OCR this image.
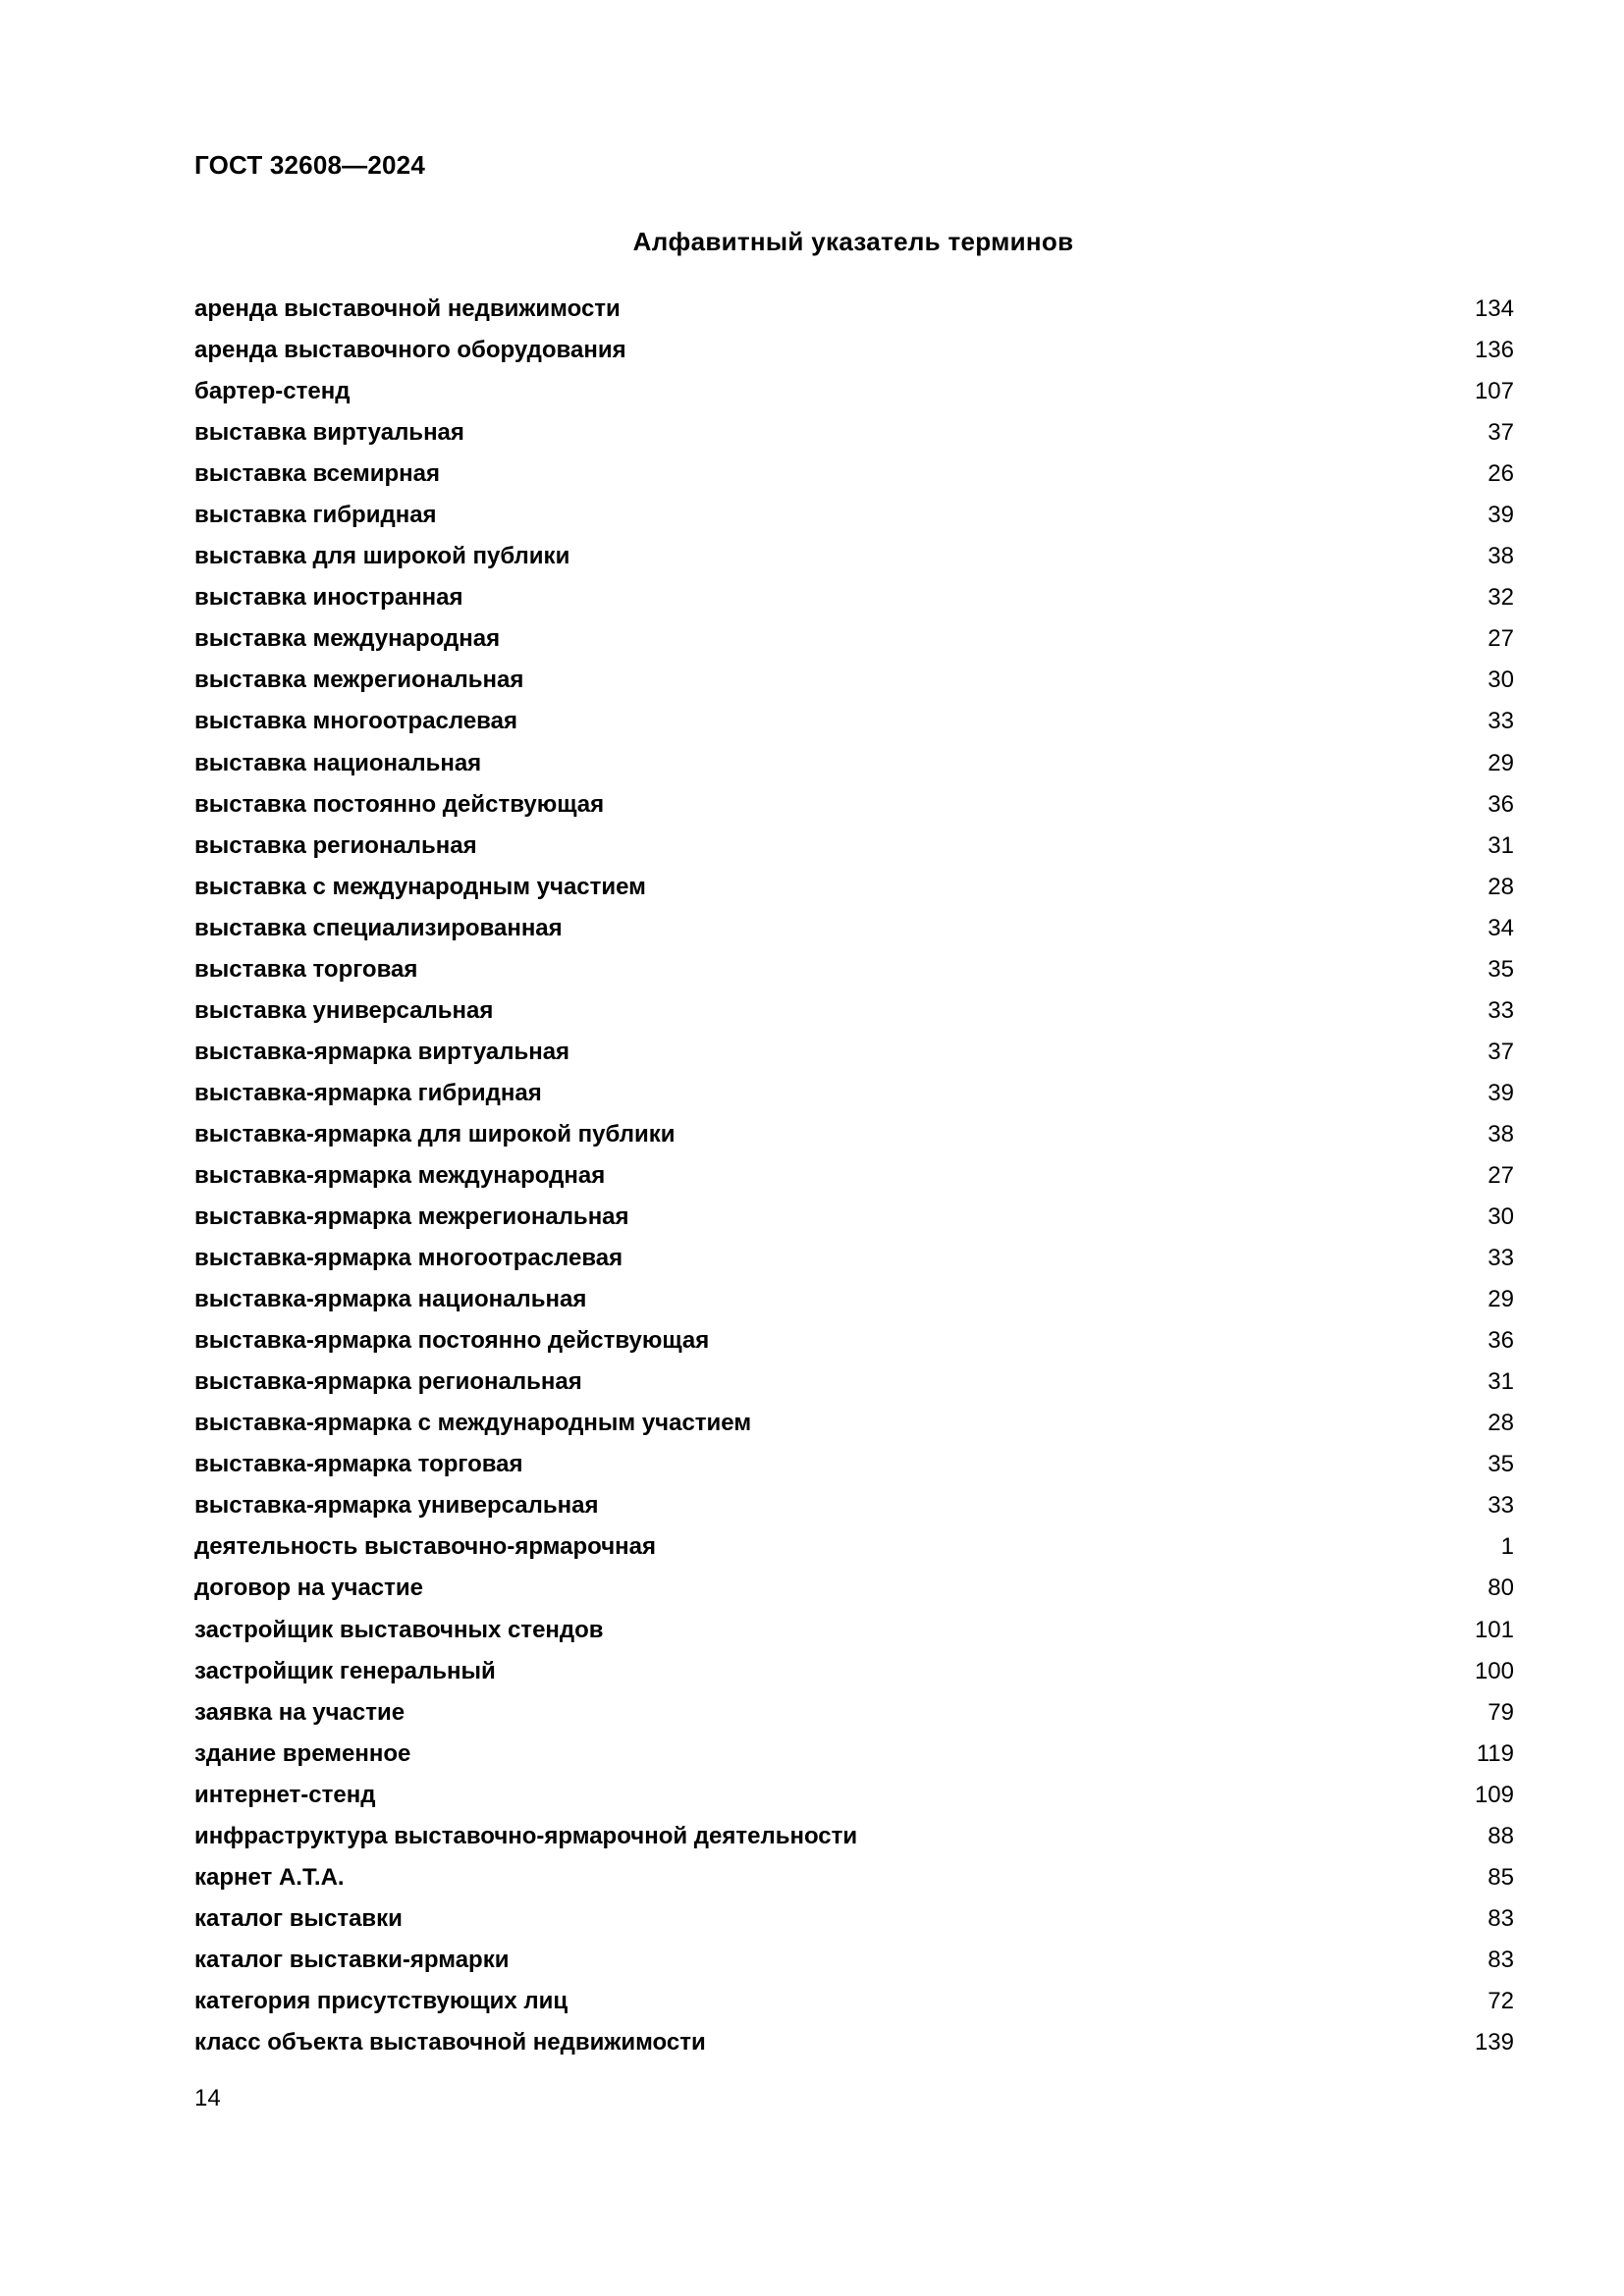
ГОСТ 32608—2024
Алфавитный указатель терминов
аренда выставочной недвижимости	134
аренда выставочного оборудования	136
бартер-стенд	107
выставка виртуальная	37
выставка всемирная	26
выставка гибридная	39
выставка для широкой публики	38
выставка иностранная	32
выставка международная	27
выставка межрегиональная	30
выставка многоотраслевая	33
выставка национальная	29
выставка постоянно действующая	36
выставка региональная	31
выставка с международным участием	28
выставка специализированная	34
выставка торговая	35
выставка универсальная	33
выставка-ярмарка виртуальная	37
выставка-ярмарка гибридная	39
выставка-ярмарка для широкой публики	38
выставка-ярмарка международная	27
выставка-ярмарка межрегиональная	30
выставка-ярмарка многоотраслевая	33
выставка-ярмарка национальная	29
выставка-ярмарка постоянно действующая	36
выставка-ярмарка региональная	31
выставка-ярмарка с международным участием	28
выставка-ярмарка торговая	35
выставка-ярмарка универсальная	33
деятельность выставочно-ярмарочная	1
договор на участие	80
застройщик выставочных стендов	101
застройщик генеральный	100
заявка на участие	79
здание временное	119
интернет-стенд	109
инфраструктура выставочно-ярмарочной деятельности	88
карнет А.Т.А.	85
каталог выставки	83
каталог выставки-ярмарки	83
категория присутствующих лиц	72
класс объекта выставочной недвижимости	139
14
